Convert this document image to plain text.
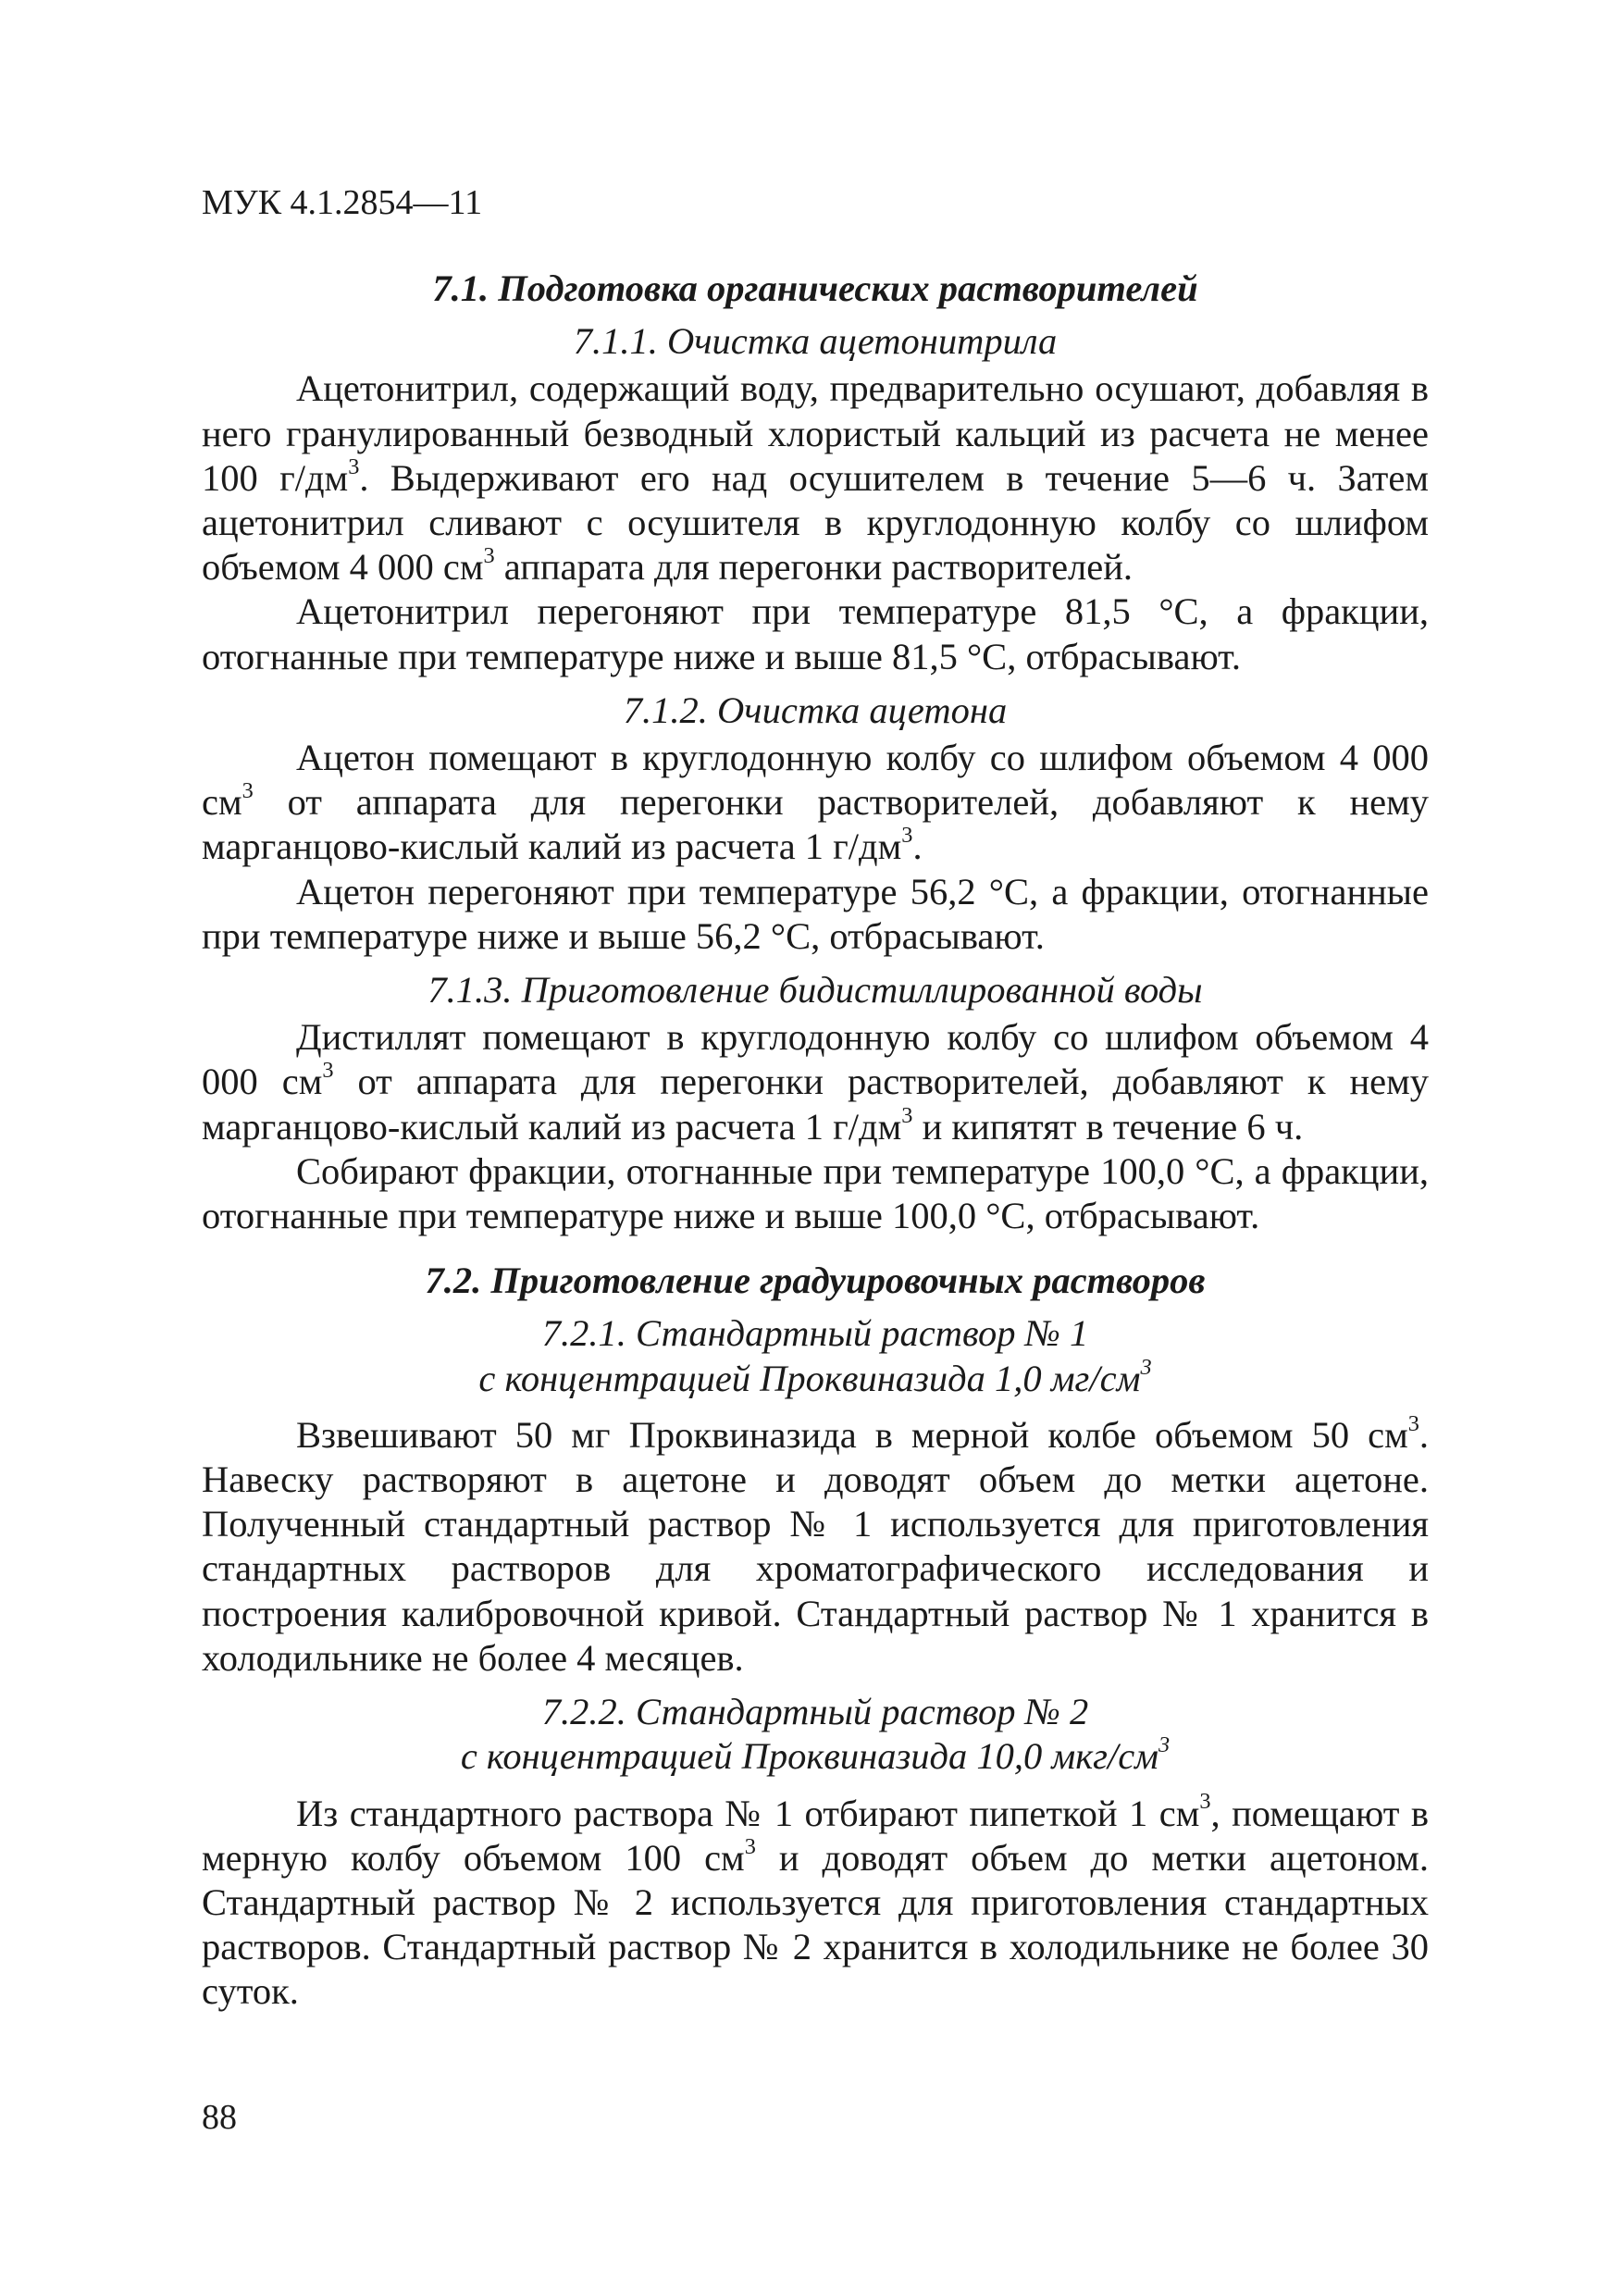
МУК 4.1.2854—11
7.1. Подготовка органических растворителей
7.1.1. Очистка ацетонитрила

Ацетонитрил, содержащий воду, предварительно осушают, добавляя в него гранулированный безводный хлористый кальций из расчета не менее 100 $г/дм^3$. Выдерживают его над осушителем в течение 5—6 ч. Затем ацетонитрил сливают с осушителя в круглодонную колбу со шлифом объемом 4 000 $см^3$ аппарата для перегонки растворителей.

Ацетонитрил перегоняют при температуре 81,5 °С, а фракции, отогнанные при температуре ниже и выше 81,5 °С, отбрасывают.

7.1.2. Очистка ацетона

Ацетон помещают в круглодонную колбу со шлифом объемом 4 000 $см^3$ от аппарата для перегонки растворителей, добавляют к нему марганцово-кислый калий из расчета 1 $г/дм^3$.

Ацетон перегоняют при температуре 56,2 °С, а фракции, отогнанные при температуре ниже и выше 56,2 °С, отбрасывают.

7.1.3. Приготовление бидистиллированной воды

Дистиллят помещают в круглодонную колбу со шлифом объемом 4 000 $см^3$ от аппарата для перегонки растворителей, добавляют к нему марганцово-кислый калий из расчета 1 $г/дм^3$ и кипятят в течение 6 ч.

Собирают фракции, отогнанные при температуре 100,0 °С, а фракции, отогнанные при температуре ниже и выше 100,0 °С, отбрасывают.

7.2. Приготовление градуировочных растворов
7.2.1. Стандартный раствор № 1
с концентрацией Проквиназида 1,0 $мг/см^3$

Взвешивают 50 мг Проквиназида в мерной колбе объемом 50 $см^3$. Навеску растворяют в ацетоне и доводят объем до метки ацетоне. Полученный стандартный раствор № 1 используется для приготовления стандартных растворов для хроматографического исследования и построения калибровочной кривой. Стандартный раствор № 1 хранится в холодильнике не более 4 месяцев.

7.2.2. Стандартный раствор № 2
с концентрацией Проквиназида 10,0 мкг/$см^3$

Из стандартного раствора № 1 отбирают пипеткой 1 $см^3$, помещают в мерную колбу объемом 100 $см^3$ и доводят объем до метки ацетоном. Стандартный раствор № 2 используется для приготовления стандартных растворов. Стандартный раствор № 2 хранится в холодильнике не более 30 суток.

88
